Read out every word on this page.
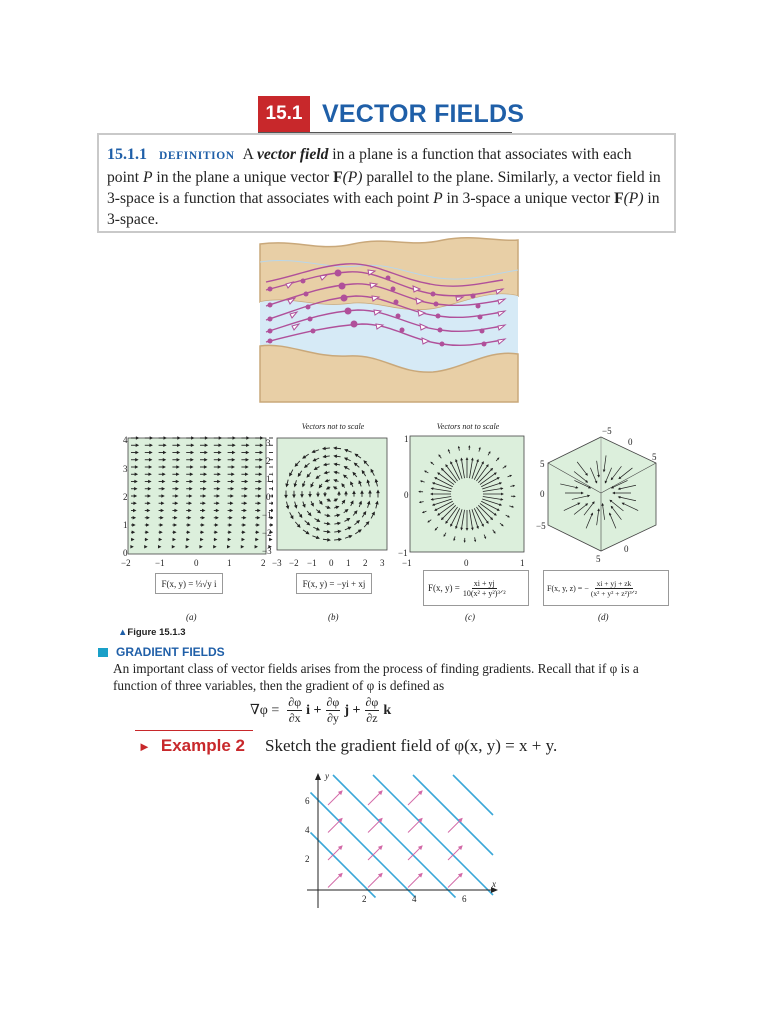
15.1 VECTOR FIELDS
15.1.1 DEFINITION A vector field in a plane is a function that associates with each point P in the plane a unique vector F(P) parallel to the plane. Similarly, a vector field in 3-space is a function that associates with each point P in 3-space a unique vector F(P) in 3-space.
4
3
2
1
0
−2	−1	0	1	2
F(x, y) = ⅓√y i
(a)
Vectors not to scale
3
2
1
0
−1
−2
−3
−3 −2 −1 0 1 2 3
F(x, y) = −yi + xj
(b)
Vectors not to scale
1
0
−1
−1	0	1
F(x, y) = xi + yj
10(x² + y²)³ᐟ²
(c)
−5
0
5
5
0
−5
5
0
F(x, y, z) = −
xi + yj + zk
(x² + y² + z²)³ᐟ²
(d)
▲Figure 15.1.3
GRADIENT FIELDS
An important class of vector fields arises from the process of finding gradients. Recall that if φ is a function of three variables, then the gradient of φ is defined as
$\nabla\varphi = \frac{\partial\varphi}{\partial x}$ $i + \frac{\partial\varphi}{\partial y}$ $j + \frac{\partial\varphi}{\partial z}$ k
► Example 2 Sketch the gradient field of φ(x, y) = x + y.
y
x
2	4	6
2
4
6
